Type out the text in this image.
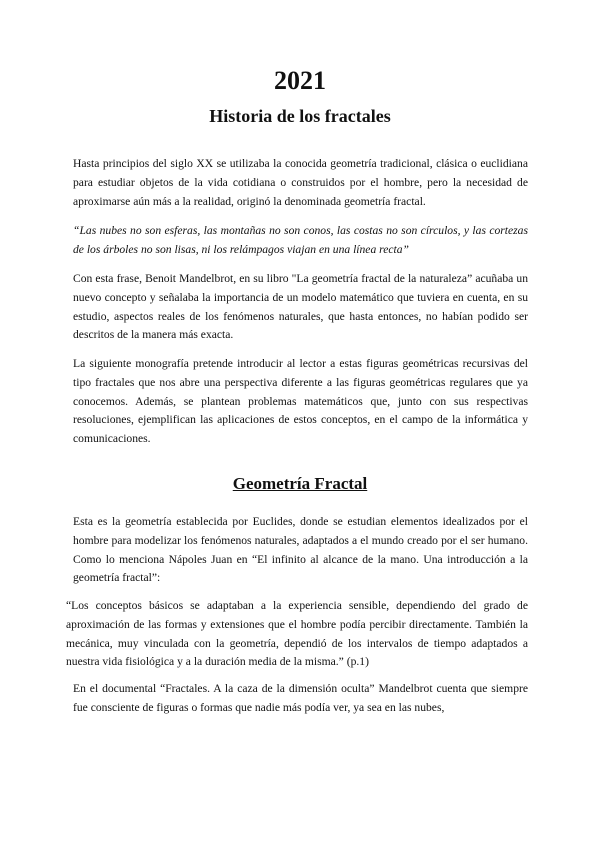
2021
Historia de los fractales
Hasta principios del siglo XX se utilizaba la conocida geometría tradicional, clásica o euclidiana para estudiar objetos de la vida cotidiana o construidos por el hombre, pero la necesidad de aproximarse aún más a la realidad, originó la denominada geometría fractal.
“Las nubes no son esferas, las montañas no son conos, las costas no son círculos, y las cortezas de los árboles no son lisas, ni los relámpagos viajan en una línea recta”
Con esta frase, Benoit Mandelbrot, en su libro "La geometría fractal de la naturaleza” acuñaba un nuevo concepto y señalaba la importancia de un modelo matemático que tuviera en cuenta, en su estudio, aspectos reales de los fenómenos naturales, que hasta entonces, no habían podido ser descritos de la manera más exacta.
La siguiente monografía pretende introducir al lector a estas figuras geométricas recursivas del tipo fractales que nos abre una perspectiva diferente a las figuras geométricas regulares que ya conocemos. Además, se plantean problemas matemáticos que, junto con sus respectivas resoluciones, ejemplifican las aplicaciones de estos conceptos, en el campo de la informática y comunicaciones.
Geometría Fractal
Esta es la geometría establecida por Euclides, donde se estudian elementos idealizados por el hombre para modelizar los fenómenos naturales, adaptados a el mundo creado por el ser humano. Como lo menciona Nápoles Juan en “El infinito al alcance de la mano. Una introducción a la geometría fractal”:
“Los conceptos básicos se adaptaban a la experiencia sensible, dependiendo del grado de aproximación de las formas y extensiones que el hombre podía percibir directamente. También la mecánica, muy vinculada con la geometría, dependió de los intervalos de tiempo adaptados a nuestra vida fisiológica y a la duración media de la misma.” (p.1)
En el documental “Fractales. A la caza de la dimensión oculta” Mandelbrot cuenta que siempre fue consciente de figuras o formas que nadie más podía ver, ya sea en las nubes,
